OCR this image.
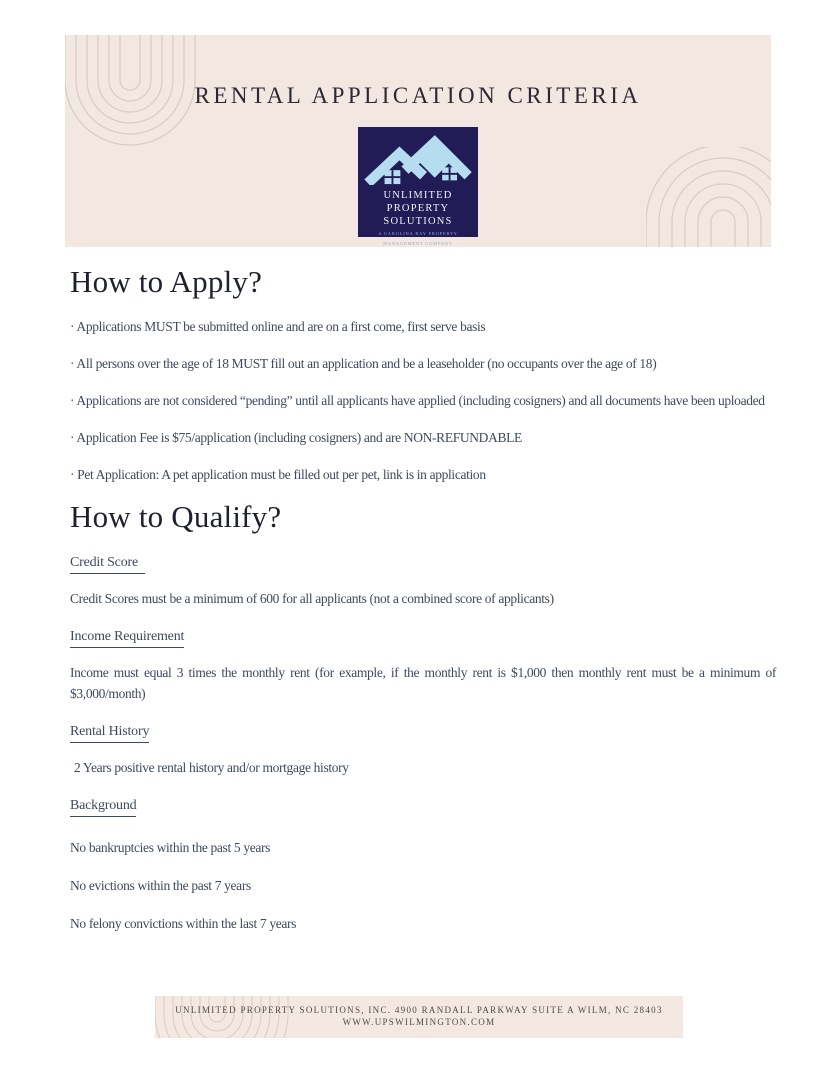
RENTAL APPLICATION CRITERIA
UNLIMITED
PROPERTY
SOLUTIONS
A CAROLINA BAY PROPERTY
MANAGEMENT COMPANY
How to Apply?
· Applications MUST be submitted online and are on a first come, first serve basis
· All persons over the age of 18 MUST fill out an application and be a leaseholder (no occupants over the age of 18)
· Applications are not considered “pending” until all applicants have applied (including cosigners) and all documents have been uploaded
· Application Fee is $75/application (including cosigners) and are NON-REFUNDABLE
· Pet Application: A pet application must be filled out per pet, link is in application
How to Qualify?
Credit Score
Credit Scores must be a minimum of 600 for all applicants (not a combined score of applicants)
Income Requirement
Income must equal 3 times the monthly rent (for example, if the monthly rent is $1,000 then monthly rent must be a minimum of $3,000/month)
Rental History
2 Years positive rental history and/or mortgage history
Background
No bankruptcies within the past 5 years
No evictions within the past 7 years
No felony convictions within the last 7 years
UNLIMITED PROPERTY SOLUTIONS, INC. 4900 RANDALL PARKWAY SUITE A WILM, NC 28403
WWW.UPSWILMINGTON.COM
